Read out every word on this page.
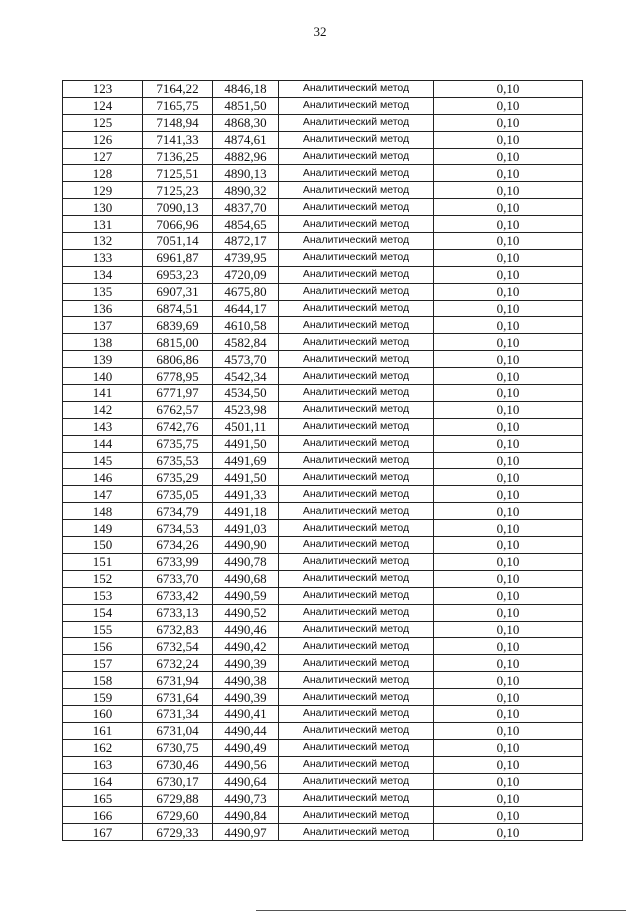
32
123	7164,22	4846,18	Аналитический метод	0,10
124	7165,75	4851,50	Аналитический метод	0,10
125	7148,94	4868,30	Аналитический метод	0,10
126	7141,33	4874,61	Аналитический метод	0,10
127	7136,25	4882,96	Аналитический метод	0,10
128	7125,51	4890,13	Аналитический метод	0,10
129	7125,23	4890,32	Аналитический метод	0,10
130	7090,13	4837,70	Аналитический метод	0,10
131	7066,96	4854,65	Аналитический метод	0,10
132	7051,14	4872,17	Аналитический метод	0,10
133	6961,87	4739,95	Аналитический метод	0,10
134	6953,23	4720,09	Аналитический метод	0,10
135	6907,31	4675,80	Аналитический метод	0,10
136	6874,51	4644,17	Аналитический метод	0,10
137	6839,69	4610,58	Аналитический метод	0,10
138	6815,00	4582,84	Аналитический метод	0,10
139	6806,86	4573,70	Аналитический метод	0,10
140	6778,95	4542,34	Аналитический метод	0,10
141	6771,97	4534,50	Аналитический метод	0,10
142	6762,57	4523,98	Аналитический метод	0,10
143	6742,76	4501,11	Аналитический метод	0,10
144	6735,75	4491,50	Аналитический метод	0,10
145	6735,53	4491,69	Аналитический метод	0,10
146	6735,29	4491,50	Аналитический метод	0,10
147	6735,05	4491,33	Аналитический метод	0,10
148	6734,79	4491,18	Аналитический метод	0,10
149	6734,53	4491,03	Аналитический метод	0,10
150	6734,26	4490,90	Аналитический метод	0,10
151	6733,99	4490,78	Аналитический метод	0,10
152	6733,70	4490,68	Аналитический метод	0,10
153	6733,42	4490,59	Аналитический метод	0,10
154	6733,13	4490,52	Аналитический метод	0,10
155	6732,83	4490,46	Аналитический метод	0,10
156	6732,54	4490,42	Аналитический метод	0,10
157	6732,24	4490,39	Аналитический метод	0,10
158	6731,94	4490,38	Аналитический метод	0,10
159	6731,64	4490,39	Аналитический метод	0,10
160	6731,34	4490,41	Аналитический метод	0,10
161	6731,04	4490,44	Аналитический метод	0,10
162	6730,75	4490,49	Аналитический метод	0,10
163	6730,46	4490,56	Аналитический метод	0,10
164	6730,17	4490,64	Аналитический метод	0,10
165	6729,88	4490,73	Аналитический метод	0,10
166	6729,60	4490,84	Аналитический метод	0,10
167	6729,33	4490,97	Аналитический метод	0,10
